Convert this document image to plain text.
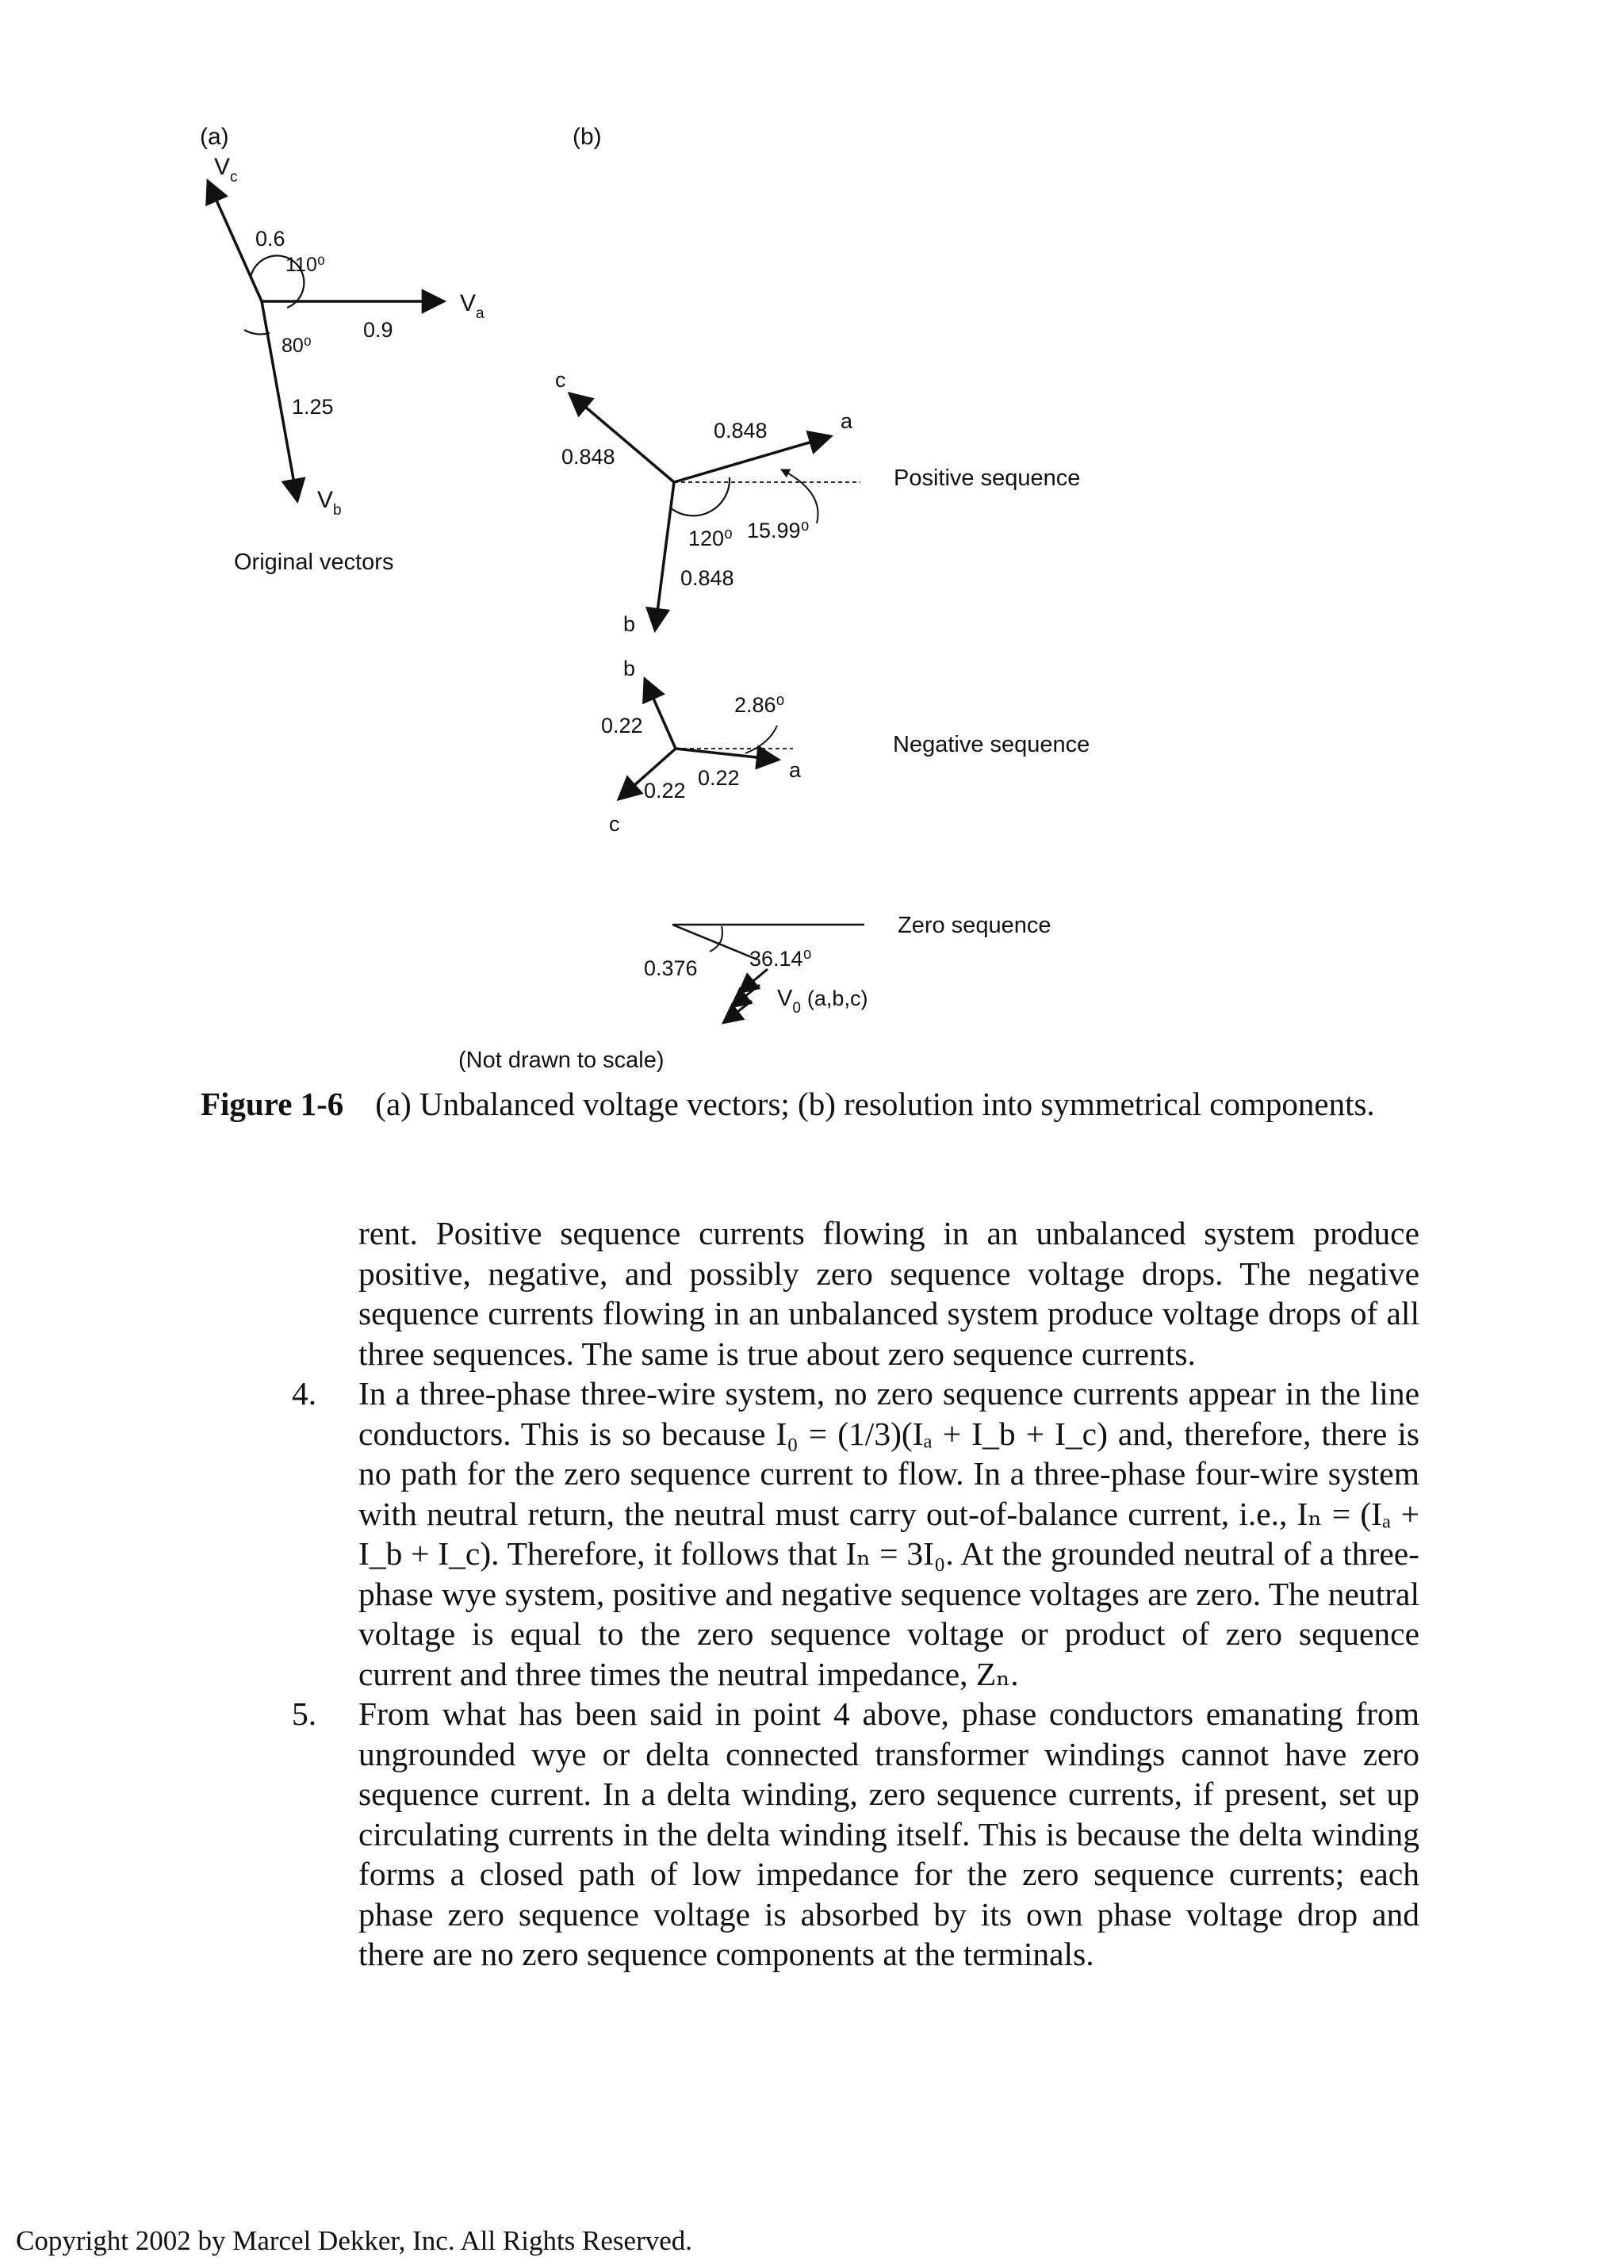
(a)
$V_c$
0.6
110⁰
80⁰
0.9
$V_a$
1.25
$V_b$
Original vectors
(b)
c
0.848
0.848	a
120⁰ 15.99⁰
0.848
b
Positive sequence
b
0.22
2.86⁰
Negative sequence
a
0.22
0.22
c
Zero sequence
0.376 36.14⁰
$V_0$ (a,b,c)
(Not drawn to scale)
Figure 1-6 (a) Unbalanced voltage vectors; (b) resolution into symmetrical components.

rent. Positive sequence currents flowing in an unbalanced system produce positive, negative, and possibly zero sequence voltage drops. The negative sequence currents flowing in an unbalanced system produce voltage drops of all three sequences. The same is true about zero sequence currents.

4. In a three-phase three-wire system, no zero sequence currents appear in the line conductors. This is so because I₀ = (1/3)(Iₐ + I_b + I_c) and, therefore, there is no path for the zero sequence current to flow. In a three-phase four-wire system with neutral return, the neutral must carry out-of-balance current, i.e., Iₙ = (Iₐ + I_b + I_c). Therefore, it follows that Iₙ = 3I₀. At the grounded neutral of a three-phase wye system, positive and negative sequence voltages are zero. The neutral voltage is equal to the zero sequence voltage or product of zero sequence current and three times the neutral impedance, Zₙ.

5. From what has been said in point 4 above, phase conductors emanating from ungrounded wye or delta connected transformer windings cannot have zero sequence current. In a delta winding, zero sequence currents, if present, set up circulating currents in the delta winding itself. This is because the delta winding forms a closed path of low impedance for the zero sequence currents; each phase zero sequence voltage is absorbed by its own phase voltage drop and there are no zero sequence components at the terminals.

Copyright 2002 by Marcel Dekker, Inc. All Rights Reserved.
